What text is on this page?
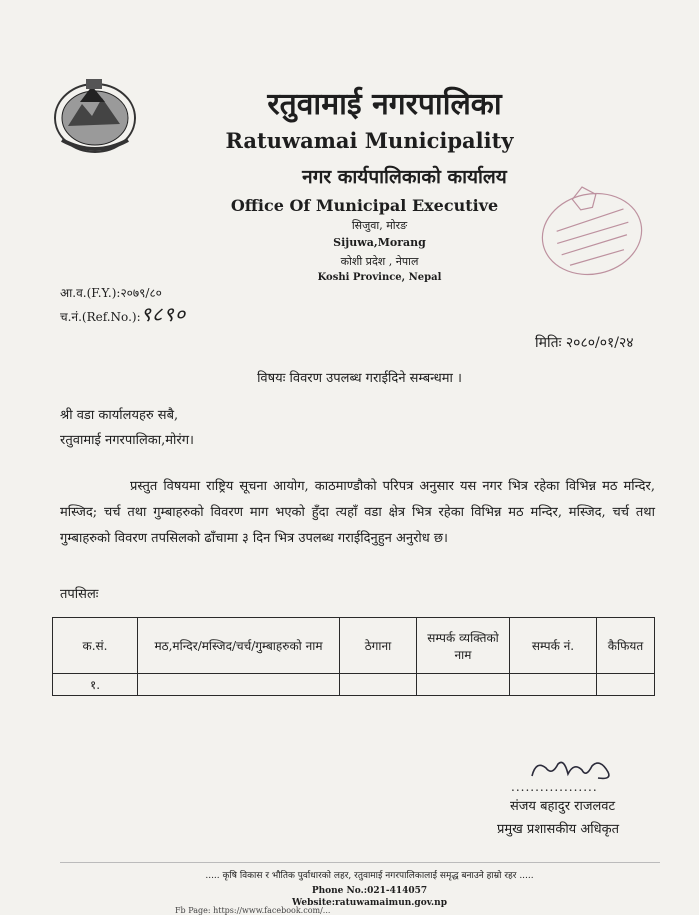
रतुवामाई नगरपालिका
Ratuwamai Municipality
नगर कार्यपालिकाको कार्यालय
Office Of Municipal Executive
सिजुवा, मोरङ
Sijuwa,Morang
कोशी प्रदेश , नेपाल
Koshi Province, Nepal
आ.व.(F.Y.):२०७९/८०
च.नं.(Ref.No.):९८९०
मितिः २०८०/०१/२४
विषयः विवरण उपलब्ध गराईदिने सम्बन्धमा ।
श्री वडा कार्यालयहरु सबै,
रतुवामाई नगरपालिका,मोरंग।
प्रस्तुत विषयमा राष्ट्रिय सूचना आयोग, काठमाण्डौको परिपत्र अनुसार यस नगर भित्र रहेका विभिन्न मठ मन्दिर, मस्जिद; चर्च तथा गुम्बाहरुको विवरण माग भएको हुँदा त्यहाँ वडा क्षेत्र भित्र रहेका विभिन्न मठ मन्दिर, मस्जिद, चर्च तथा गुम्बाहरुको विवरण तपसिलको ढाँचामा ३ दिन भित्र उपलब्ध गराईदिनुहुन अनुरोध छ।
तपसिलः
क.सं.	मठ,मन्दिर/मस्जिद/चर्च/गुम्बाहरुको नाम	ठेगाना	सम्पर्क व्यक्तिको नाम	सम्पर्क नं.	कैफियत
१.					
..................
संजय बहादुर राजलवट
प्रमुख प्रशासकीय अधिकृत
..... कृषि विकास र भौतिक पुर्वाधारको लहर, रतुवामाई नगरपालिकालाई समृद्ध बनाउने हाम्रो रहर .....
Phone No.:021-414057
Website:ratuwamaimun.gov.np
Fb Page: https://www.facebook.com/...
